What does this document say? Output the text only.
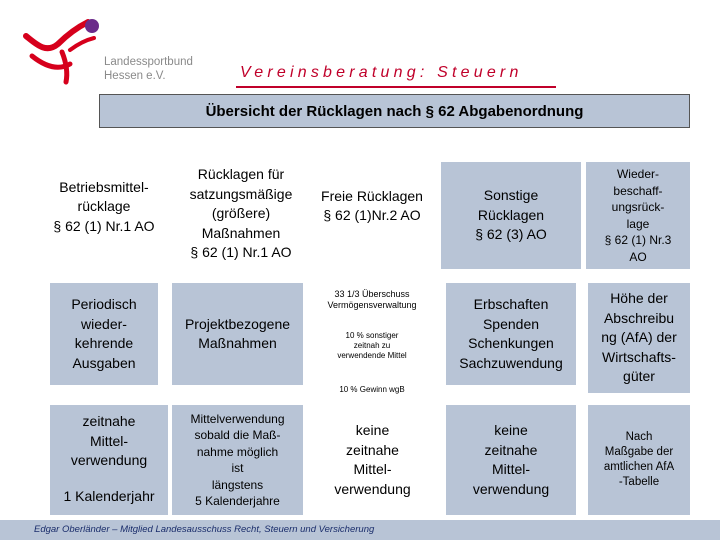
Landessportbund
Hessen e.V.	Vereinsberatung: Steuern
Übersicht der Rücklagen nach § 62 Abgabenordnung
Betriebsmittel-
rücklage
§ 62 (1) Nr.1 AO
Rücklagen für
satzungsmäßige
(größere)
Maßnahmen
§ 62 (1) Nr.1 AO
Freie Rücklagen
§ 62 (1)Nr.2 AO
Sonstige
Rücklagen
§ 62 (3) AO
Wieder-
beschaff-
ungsrück-
lage
§ 62 (1) Nr.3
AO
Periodisch
wieder-
kehrende
Ausgaben
Projektbezogene
Maßnahmen
33 1/3 Überschuss
Vermögensverwaltung
10 % sonstiger
zeitnah zu
verwendende Mittel
10 % Gewinn wgB
Erbschaften
Spenden
Schenkungen
Sachzuwendung
Höhe der
Abschreibu
ng (AfA) der
Wirtschafts-
güter
zeitnahe
Mittel-
verwendung
1 Kalenderjahr
Mittelverwendung
sobald die Maß-
nahme möglich
ist
längstens
5 Kalenderjahre
keine
zeitnahe
Mittel-
verwendung
keine
zeitnahe
Mittel-
verwendung
Nach
Maßgabe der
amtlichen AfA
-Tabelle
Edgar Oberländer – Mitglied Landesausschuss Recht, Steuern und Versicherung
